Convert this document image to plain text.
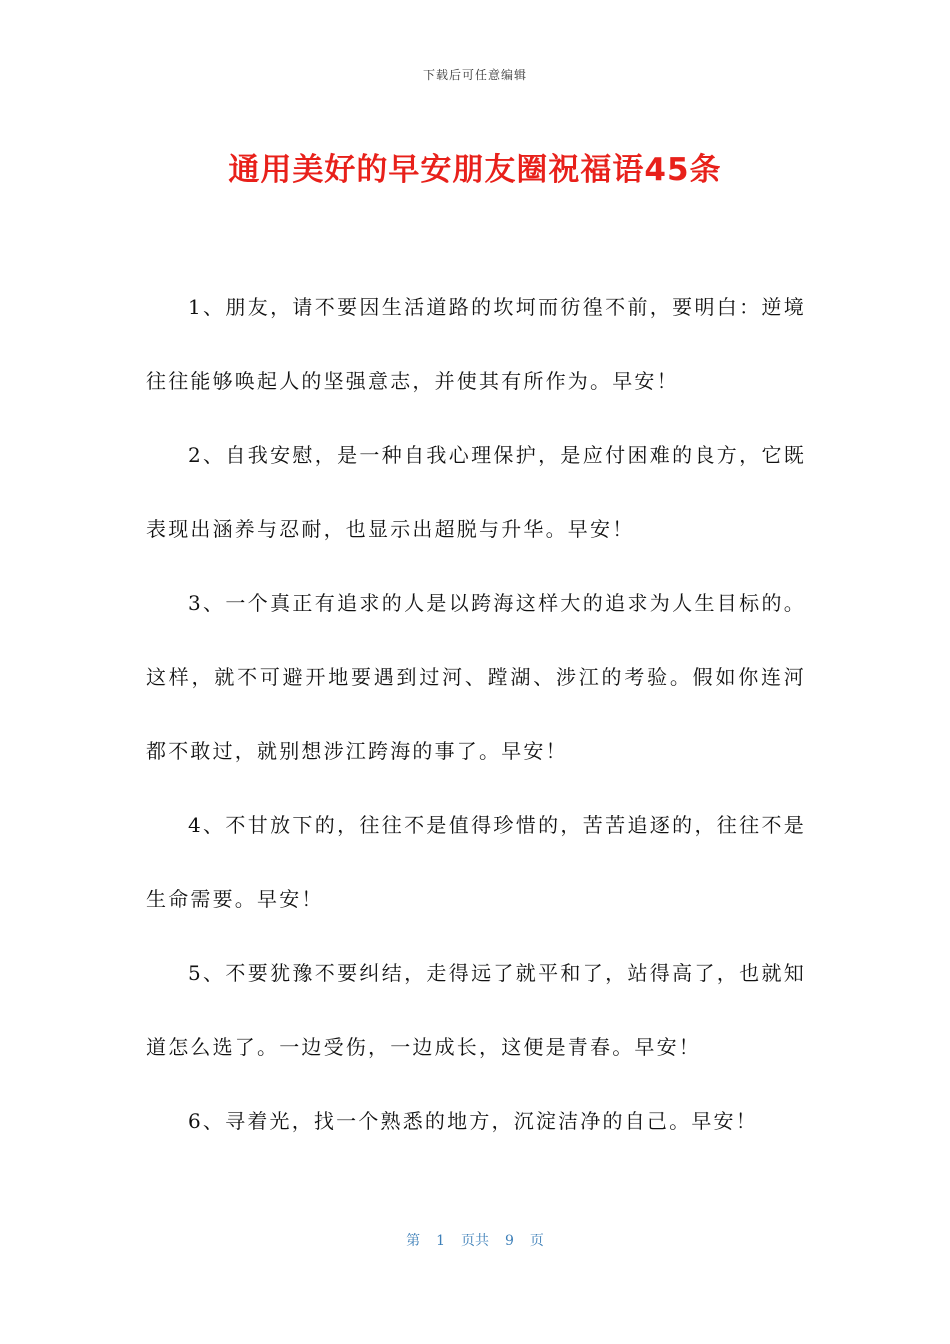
下载后可任意编辑
通用美好的早安朋友圈祝福语45条

1、朋友，请不要因生活道路的坎坷而彷徨不前，要明白：逆境往往能够唤起人的坚强意志，并使其有所作为。早安！

2、自我安慰，是一种自我心理保护，是应付困难的良方，它既表现出涵养与忍耐，也显示出超脱与升华。早安！

3、一个真正有追求的人是以跨海这样大的追求为人生目标的。这样，就不可避开地要遇到过河、蹚湖、涉江的考验。假如你连河都不敢过，就别想涉江跨海的事了。早安！

4、不甘放下的，往往不是值得珍惜的，苦苦追逐的，往往不是生命需要。早安！

5、不要犹豫不要纠结，走得远了就平和了，站得高了，也就知道怎么选了。一边受伤，一边成长，这便是青春。早安！

6、寻着光，找一个熟悉的地方，沉淀洁净的自己。早安！

第 1 页共 9 页
